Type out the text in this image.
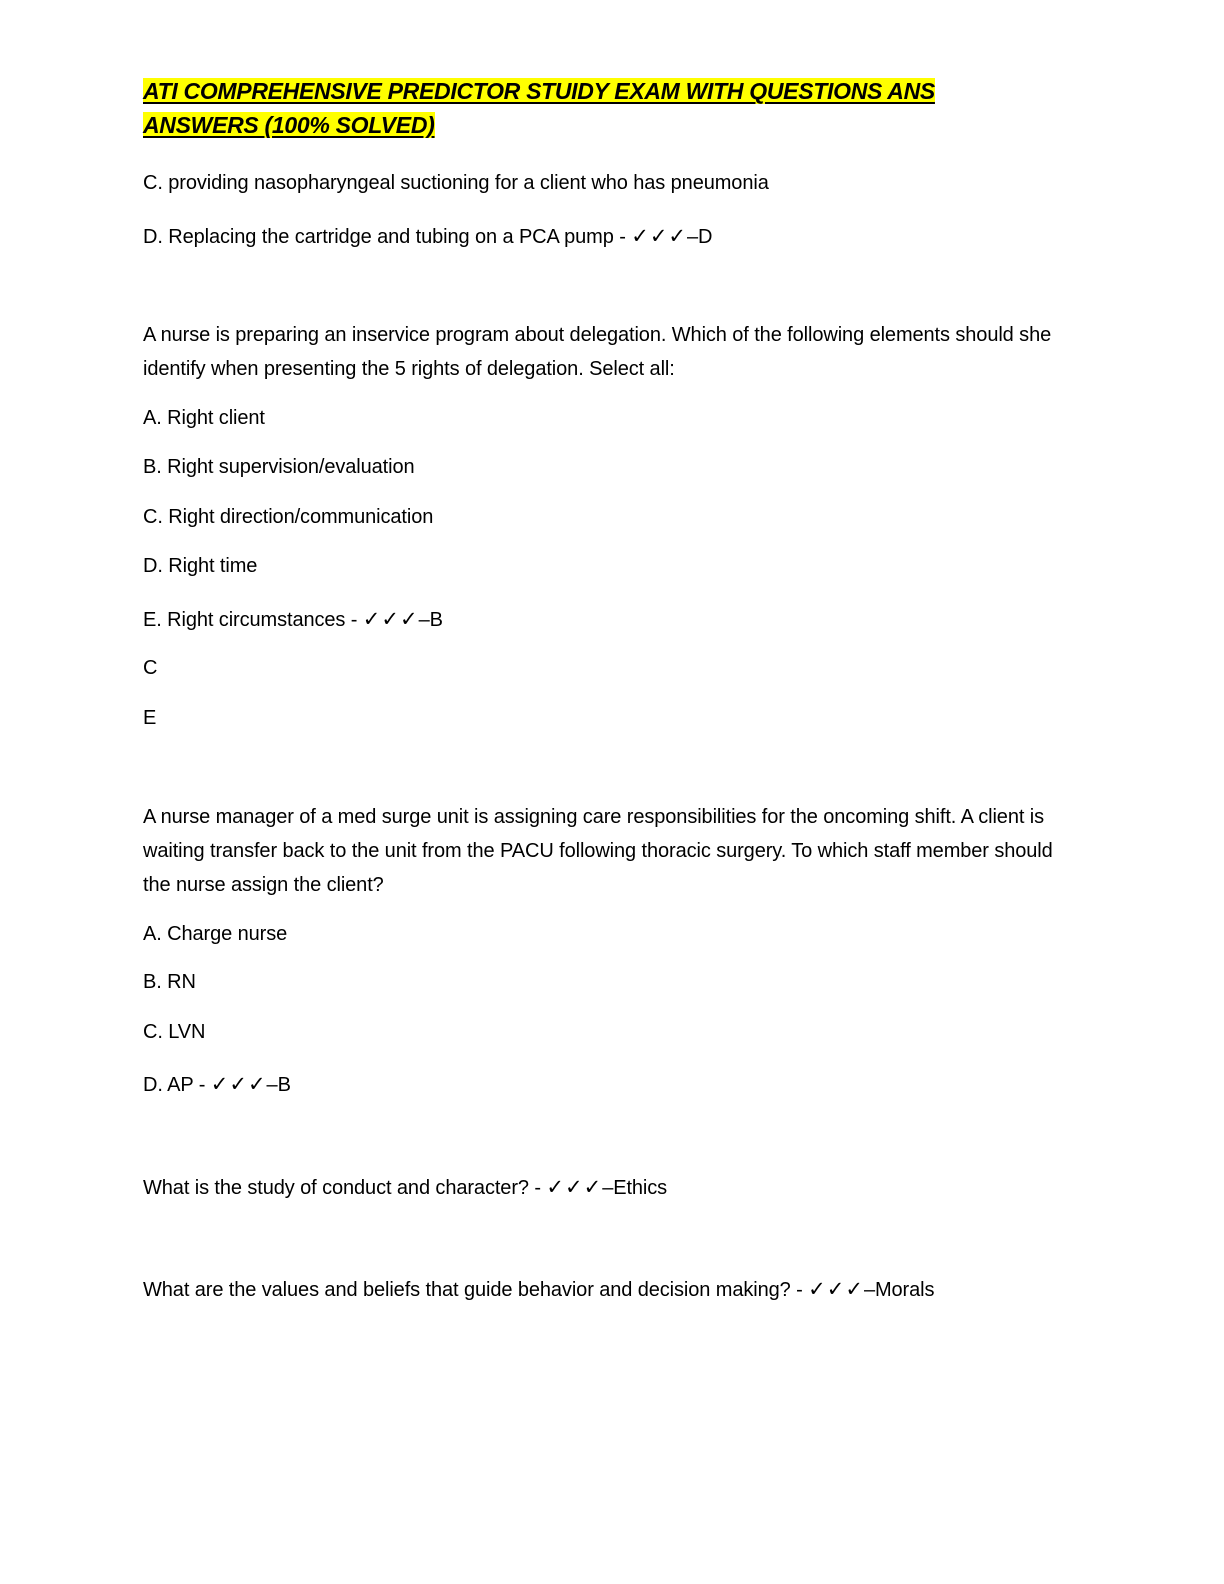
ATI COMPREHENSIVE PREDICTOR STUIDY EXAM WITH QUESTIONS ANS ANSWERS (100% SOLVED)

C. providing nasopharyngeal suctioning for a client who has pneumonia

D. Replacing the cartridge and tubing on a PCA pump - ✓✓✓–D

A nurse is preparing an inservice program about delegation. Which of the following elements should she identify when presenting the 5 rights of delegation. Select all:

A. Right client

B. Right supervision/evaluation

C. Right direction/communication

D. Right time

E. Right circumstances - ✓✓✓–B

C

E

A nurse manager of a med surge unit is assigning care responsibilities for the oncoming shift. A client is waiting transfer back to the unit from the PACU following thoracic surgery. To which staff member should the nurse assign the client?

A. Charge nurse

B. RN

C. LVN

D. AP - ✓✓✓–B

What is the study of conduct and character? - ✓✓✓–Ethics

What are the values and beliefs that guide behavior and decision making? - ✓✓✓–Morals
